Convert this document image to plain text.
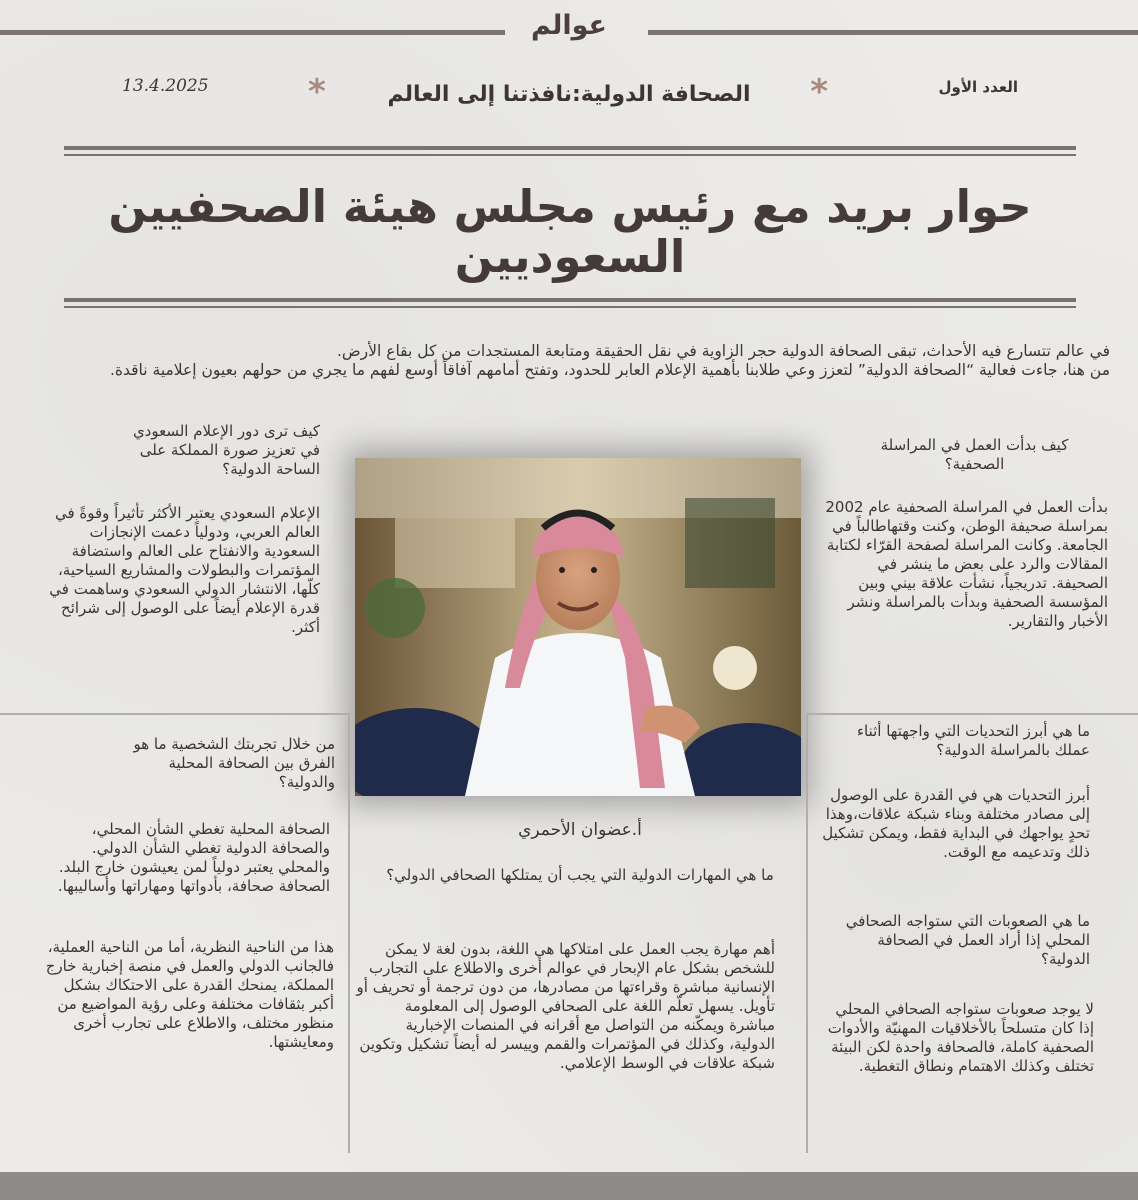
عوالم
العدد الأول
13.4.2025	*
*	الصحافة الدولية:نافذتنا إلى العالم
حوار بريد مع رئيس مجلس هيئة الصحفيين السعوديين

في عالم تتسارع فيه الأحداث، تبقى الصحافة الدولية حجر الزاوية في نقل الحقيقة ومتابعة المستجدات من كل بقاع الأرض.

من هنا، جاءت فعالية “الصحافة الدولية” لتعزز وعي طلابنا بأهمية الإعلام العابر للحدود، وتفتح أمامهم آفاقاً أوسع لفهم ما يجري من حولهم بعيون إعلامية ناقدة.

كيف بدأت العمل في المراسلة الصحفية؟
بدأت العمل في المراسلة الصحفية عام 2002 بمراسلة صحيفة الوطن، وكنت وقتهاطالباً في الجامعة. وكانت المراسلة لصفحة القرّاء لكتابة المقالات والرد على بعض ما ينشر في الصحيفة. تدريجياً، نشأت علاقة بيني وبين المؤسسة الصحفية وبدأت بالمراسلة ونشر الأخبار والتقارير.
ما هي أبرز التحديات التي واجهتها أثناء عملك بالمراسلة الدولية؟
أبرز التحديات هي في القدرة على الوصول إلى مصادر مختلفة وبناء شبكة علاقات،وهذا تحدٍ يواجهك في البداية فقط، ويمكن تشكيل ذلك وتدعيمه مع الوقت.
ما هي الصعوبات التي ستواجه الصحافي المحلي إذا أراد العمل في الصحافة الدولية؟
لا يوجد صعوبات ستواجه الصحافي المحلي إذا كان متسلحاً بالأخلاقيات المهنيّة والأدوات الصحفية كاملة، فالصحافة واحدة لكن البيئة تختلف وكذلك الاهتمام ونطاق التغطية.
كيف ترى دور الإعلام السعودي في تعزيز صورة المملكة على الساحة الدولية؟
الإعلام السعودي يعتبر الأكثر تأثيراً وقوةً في العالم العربي، ودولياً دعمت الإنجازات السعودية والانفتاح على العالم واستضافة المؤتمرات والبطولات والمشاريع السياحية، كلّها، الانتشار الدولي السعودي وساهمت في قدرة الإعلام أيضاً على الوصول إلى شرائح أكثر.
من خلال تجربتك الشخصية ما هو الفرق بين الصحافة المحلية والدولية؟
الصحافة المحلية تغطي الشأن المحلي، والصحافة الدولية تغطي الشأن الدولي. والمحلي يعتبر دولياً لمن يعيشون خارج البلد. الصحافة صحافة، بأدواتها ومهاراتها وأساليبها.
هذا من الناحية النظرية، أما من الناحية العملية، فالجانب الدولي والعمل في منصة إخبارية خارج المملكة، يمنحك القدرة على الاحتكاك بشكل أكبر بثقافات مختلفة وعلى رؤية المواضيع من منظور مختلف، والاطلاع على تجارب أخرى ومعايشتها.
أ.عضوان الأحمري
ما هي المهارات الدولية التي يجب أن يمتلكها الصحافي الدولي؟
أهم مهارة يجب العمل على امتلاكها هي اللغة، بدون لغة لا يمكن للشخص بشكل عام الإبحار في عوالم أخرى والاطلاع على التجارب الإنسانية مباشرة وقراءتها من مصادرها، من دون ترجمة أو تحريف أو تأويل. يسهل تعلّم اللغة على الصحافي الوصول إلى المعلومة مباشرة ويمكّنه من التواصل مع أقرانه في المنصات الإخبارية الدولية، وكذلك في المؤتمرات والقمم وييسر له أيضاً تشكيل وتكوين شبكة علاقات في الوسط الإعلامي.
